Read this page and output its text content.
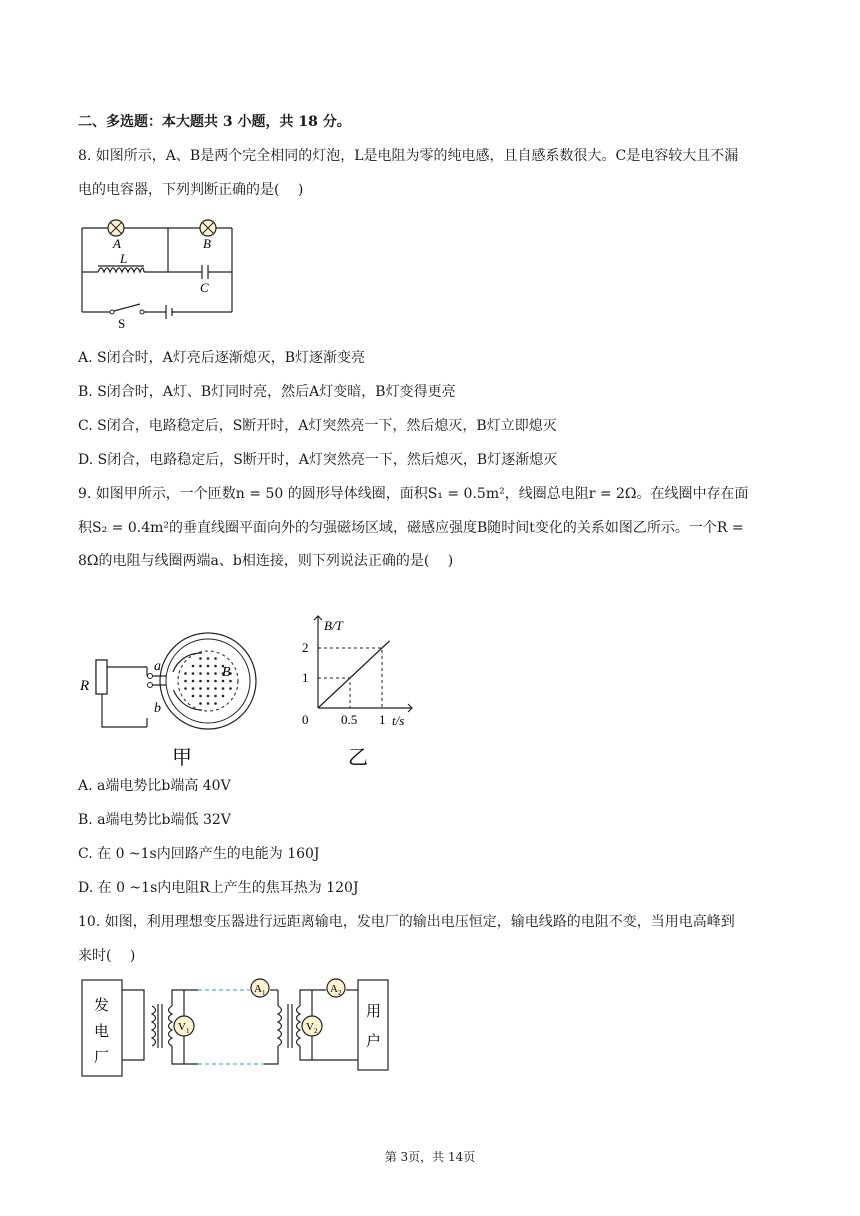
二、多选题：本大题共 3 小题，共 18 分。
8. 如图所示，A、B是两个完全相同的灯泡，L是电阻为零的纯电感，且自感系数很大。C是电容较大且不漏
电的电容器，下列判断正确的是(　 )
A	B
L
C
S
A. S闭合时，A灯亮后逐渐熄灭，B灯逐渐变亮
B. S闭合时，A灯、B灯同时亮，然后A灯变暗，B灯变得更亮
C. S闭合，电路稳定后，S断开时，A灯突然亮一下，然后熄灭，B灯立即熄灭
D. S闭合，电路稳定后，S断开时，A灯突然亮一下，然后熄灭，B灯逐渐熄灭
9. 如图甲所示，一个匝数n = 50 的圆形导体线圈，面积S₁ = 0.5m²，线圈总电阻r = 2Ω。在线圈中存在面
积S₂ = 0.4m²的垂直线圈平面向外的匀强磁场区域，磁感应强度B随时间t变化的关系如图乙所示。一个R =
8Ω的电阻与线圈两端a、b相连接，则下列说法正确的是(　 )
R
a
b
B
甲
1
2
0.5 1
0
B/T
t/s
乙
A. a端电势比b端高 40V
B. a端电势比b端低 32V
C. 在 0 ~1s内回路产生的电能为 160J
D. 在 0 ~1s内电阻R上产生的焦耳热为 120J
10. 如图，利用理想变压器进行远距离输电，发电厂的输出电压恒定，输电线路的电阻不变，当用电高峰到
来时(　 )
A 1	A 2
V 1	V 2
发
电
厂
用
户
第 3页，共 14页
